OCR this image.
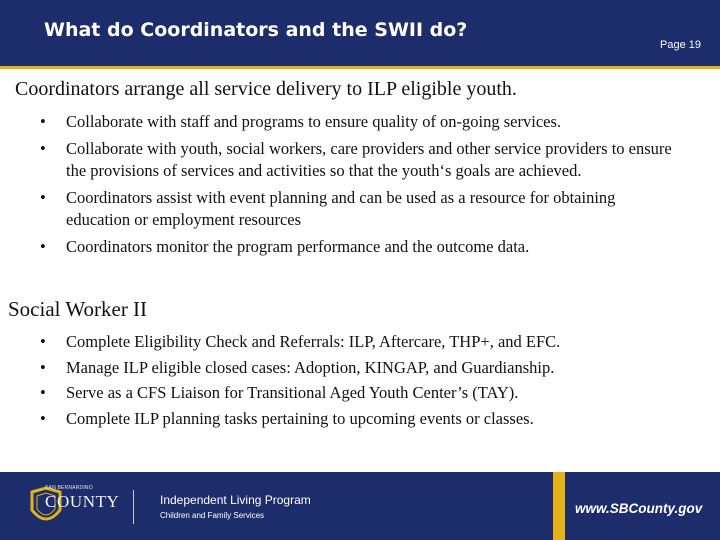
What do Coordinators and the SWII do?
Page 19
Coordinators arrange all service delivery to ILP eligible youth.
•	Collaborate with staff and programs to ensure quality of on-going services.
•	Collaborate with youth, social workers, care providers and other service providers to ensure the provisions of services and activities so that the youth‘s goals are achieved.
•	Coordinators assist with event planning and can be used as a resource for obtaining education or employment resources
•	Coordinators monitor the program performance and the outcome data.
Social Worker II
•	Complete Eligibility Check and Referrals: ILP, Aftercare, THP+, and EFC.
•	Manage ILP eligible closed cases: Adoption, KINGAP, and Guardianship.
•	Serve as a CFS Liaison for Transitional Aged Youth Center’s (TAY).
•	Complete ILP planning tasks pertaining to upcoming events or classes.
SAN BERNARDINO
COUNTY	Independent Living Program
Children and Family Services	www.SBCounty.gov
